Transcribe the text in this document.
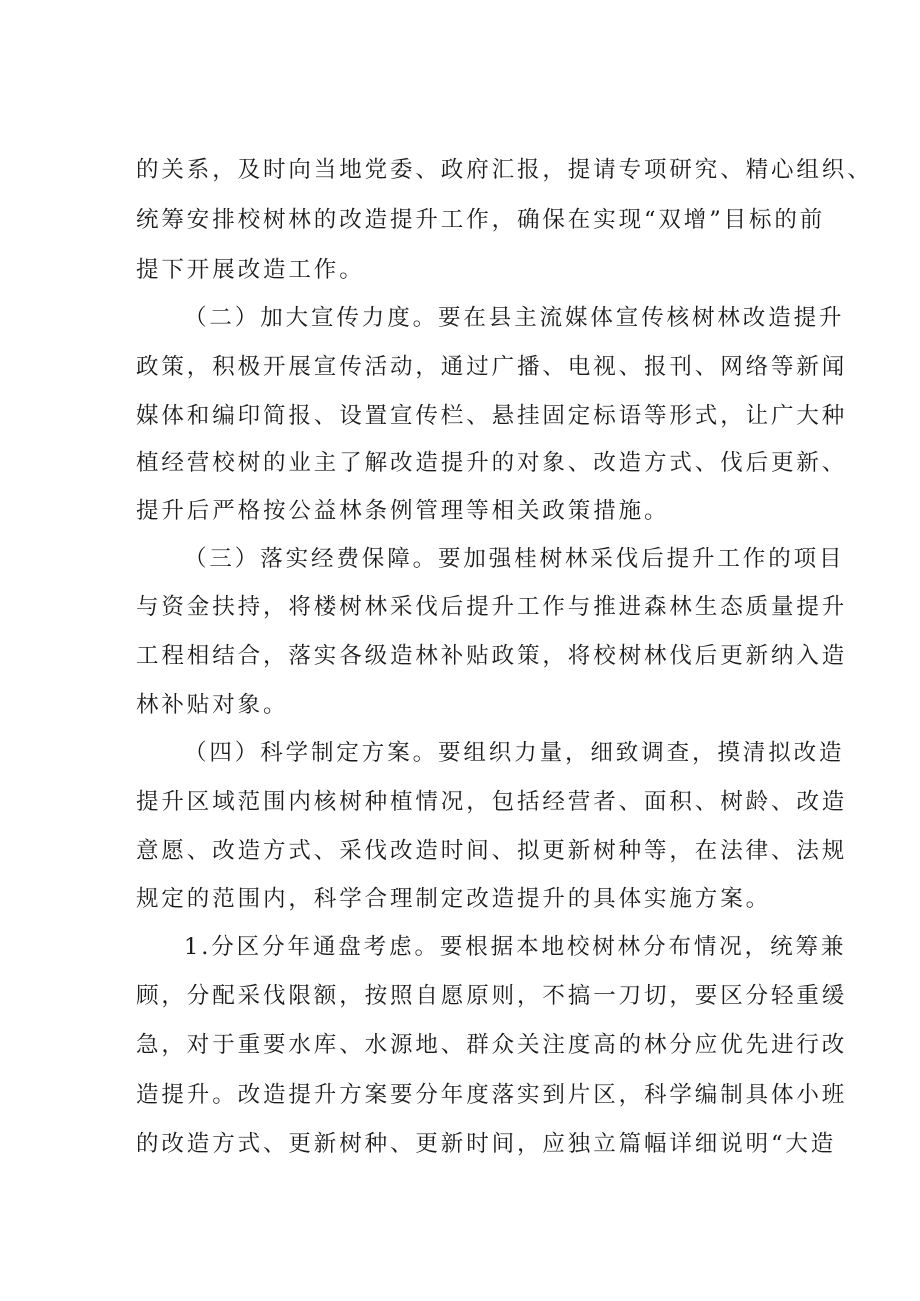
的关系，及时向当地党委、政府汇报，提请专项研究、精心组织、
统筹安排校树林的改造提升工作，确保在实现“双增”目标的前
提下开展改造工作。
（二）加大宣传力度。要在县主流媒体宣传核树林改造提升
政策，积极开展宣传活动，通过广播、电视、报刊、网络等新闻
媒体和编印简报、设置宣传栏、悬挂固定标语等形式，让广大种
植经营校树的业主了解改造提升的对象、改造方式、伐后更新、
提升后严格按公益林条例管理等相关政策措施。
（三）落实经费保障。要加强桂树林采伐后提升工作的项目
与资金扶持，将楼树林采伐后提升工作与推进森林生态质量提升
工程相结合，落实各级造林补贴政策，将校树林伐后更新纳入造
林补贴对象。
（四）科学制定方案。要组织力量，细致调查，摸清拟改造
提升区域范围内核树种植情况，包括经营者、面积、树龄、改造
意愿、改造方式、采伐改造时间、拟更新树种等，在法律、法规
规定的范围内，科学合理制定改造提升的具体实施方案。
1.分区分年通盘考虑。要根据本地校树林分布情况，统筹兼
顾，分配采伐限额，按照自愿原则，不搞一刀切，要区分轻重缓
急，对于重要水库、水源地、群众关注度高的林分应优先进行改
造提升。改造提升方案要分年度落实到片区，科学编制具体小班
的改造方式、更新树种、更新时间，应独立篇幅详细说明“大造
